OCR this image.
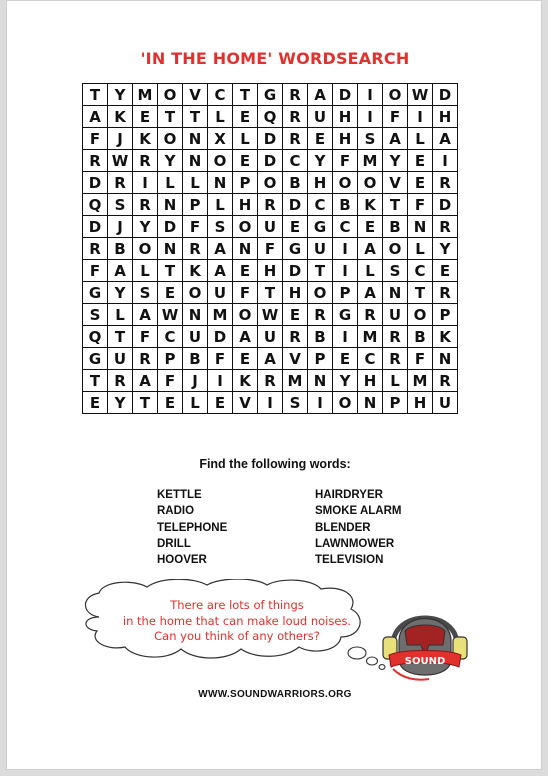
'IN THE HOME' WORDSEARCH
T Y M O V C T G R A D	I	O W D
A K E T T	L	E Q R U H	I	F	I	H
F	J	K O N X L D R E H S A L A
R W R Y N O E D C Y F M Y E	I
D R	I	L	L N P O B H O O V E R
Q S R N P L H R D C B K T F D
D	J	Y D F S O U E G C E B N R
R B O N R A N F G U	I	A O L Y
F A L	T K A E H D T	I	L S C E
G Y S E O U F T H O P A N T R
S L A W N M O W E R G R U O P
Q T F C U D A U R B	I M R B K
G U R P B F E A V P E C R F N
T R A F	J	I	K R M N Y H L M R
E Y T E	L	E V	I	S	I	O N P H U
Find the following words:
KETTLE
RADIO
TELEPHONE
DRILL
HOOVER
HAIRDRYER
SMOKE ALARM
BLENDER
LAWNMOWER
TELEVISION
There are lots of things
in the home that can make loud noises.
Can you think of any others?
SOUND
WWW.SOUNDWARRIORS.ORG
